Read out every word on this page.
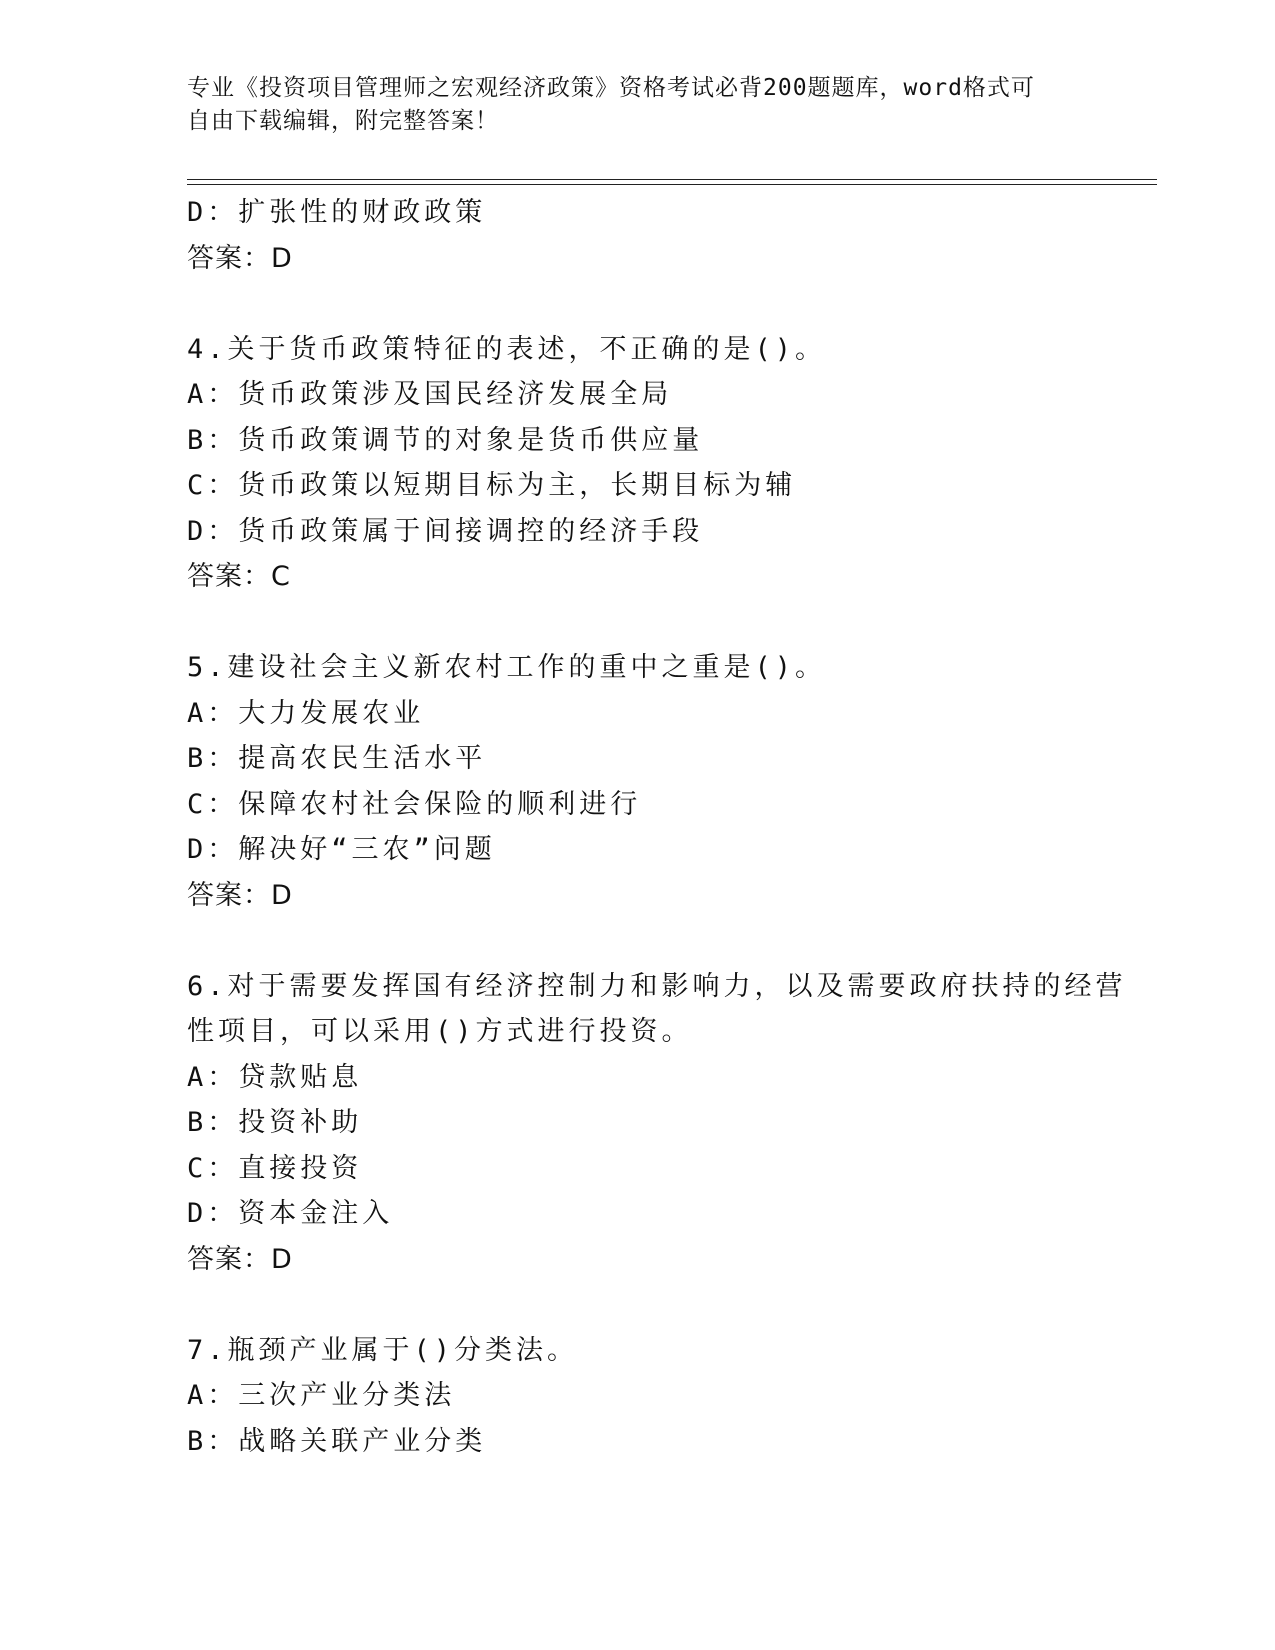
专业《投资项目管理师之宏观经济政策》资格考试必背200题题库，word格式可
自由下载编辑，附完整答案！
D：扩张性的财政政策
答案：D
4.关于货币政策特征的表述，不正确的是()。
A：货币政策涉及国民经济发展全局
B：货币政策调节的对象是货币供应量
C：货币政策以短期目标为主，长期目标为辅
D：货币政策属于间接调控的经济手段
答案：C
5.建设社会主义新农村工作的重中之重是()。
A：大力发展农业
B：提高农民生活水平
C：保障农村社会保险的顺利进行
D：解决好“三农”问题
答案：D
6.对于需要发挥国有经济控制力和影响力，以及需要政府扶持的经营
性项目，可以采用()方式进行投资。
A：贷款贴息
B：投资补助
C：直接投资
D：资本金注入
答案：D
7.瓶颈产业属于()分类法。
A：三次产业分类法
B：战略关联产业分类
